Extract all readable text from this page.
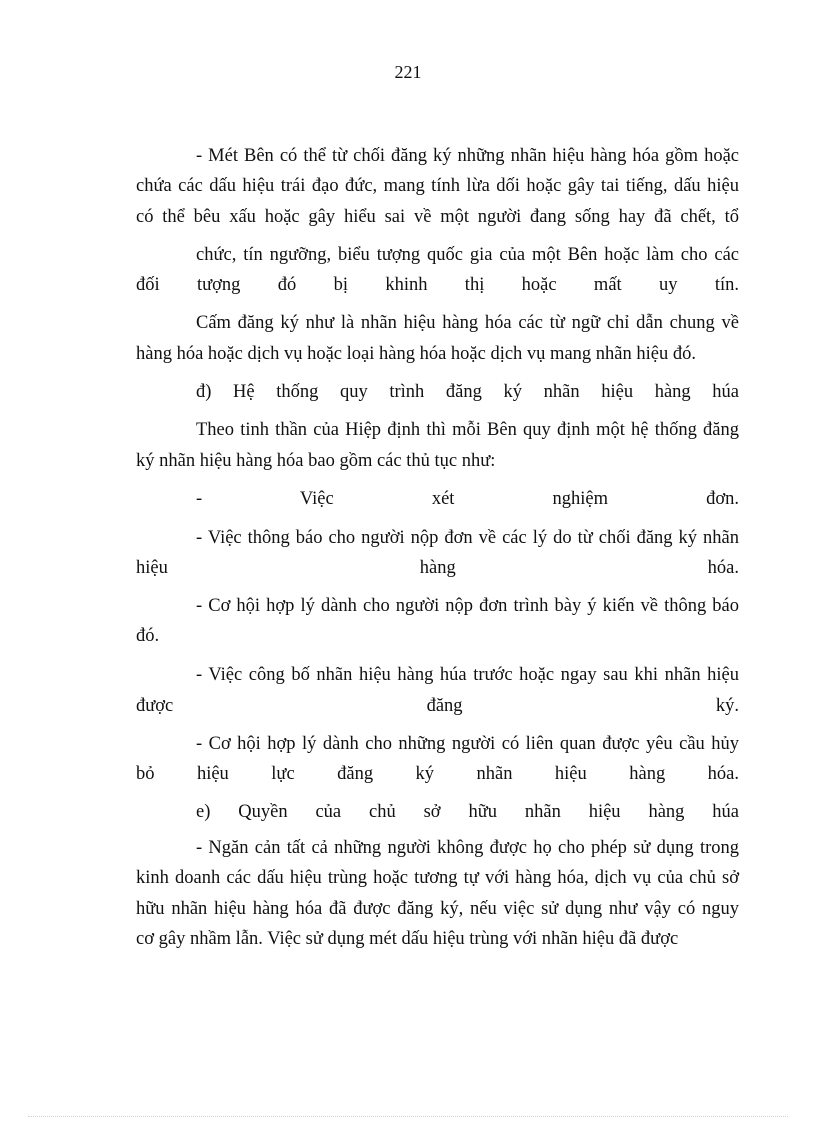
221
- Mét Bên có thể từ chối đăng ký những nhãn hiệu hàng hóa gồm hoặc
chứa các dấu hiệu trái đạo đức, mang tính lừa dối hoặc gây tai tiếng, dấu hiệu
có thể bêu xấu hoặc gây hiểu sai về một người đang sống hay đã chết, tổ
chức, tín ngưỡng, biểu tượng quốc gia của một Bên hoặc làm cho các
đối tượng đó bị khinh thị hoặc mất uy tín.
Cấm đăng ký như là nhãn hiệu hàng hóa các từ ngữ chỉ dẫn chung về
hàng hóa hoặc dịch vụ hoặc loại hàng hóa hoặc dịch vụ mang nhãn hiệu đó.
đ) Hệ thống quy trình đăng ký nhãn hiệu hàng húa
Theo tinh thần của Hiệp định thì mỗi Bên quy định một hệ thống đăng
ký nhãn hiệu hàng hóa bao gồm các thủ tục như:
- Việc xét nghiệm đơn.
- Việc thông báo cho người nộp đơn về các lý do từ chối đăng ký nhãn
hiệu hàng hóa.
- Cơ hội hợp lý dành cho người nộp đơn trình bày ý kiến về thông báo
đó.
- Việc công bố nhãn hiệu hàng húa trước hoặc ngay sau khi nhãn hiệu
được đăng ký.
- Cơ hội hợp lý dành cho những người có liên quan được yêu cầu hủy
bỏ hiệu lực đăng ký nhãn hiệu hàng hóa.
e) Quyền của chủ sở hữu nhãn hiệu hàng húa
- Ngăn cản tất cả những người không được họ cho phép sử dụng trong
kinh doanh các dấu hiệu trùng hoặc tương tự với hàng hóa, dịch vụ của chủ sở
hữu nhãn hiệu hàng hóa đã được đăng ký, nếu việc sử dụng như vậy có nguy
cơ gây nhầm lẫn. Việc sử dụng mét dấu hiệu trùng với nhãn hiệu đã được
